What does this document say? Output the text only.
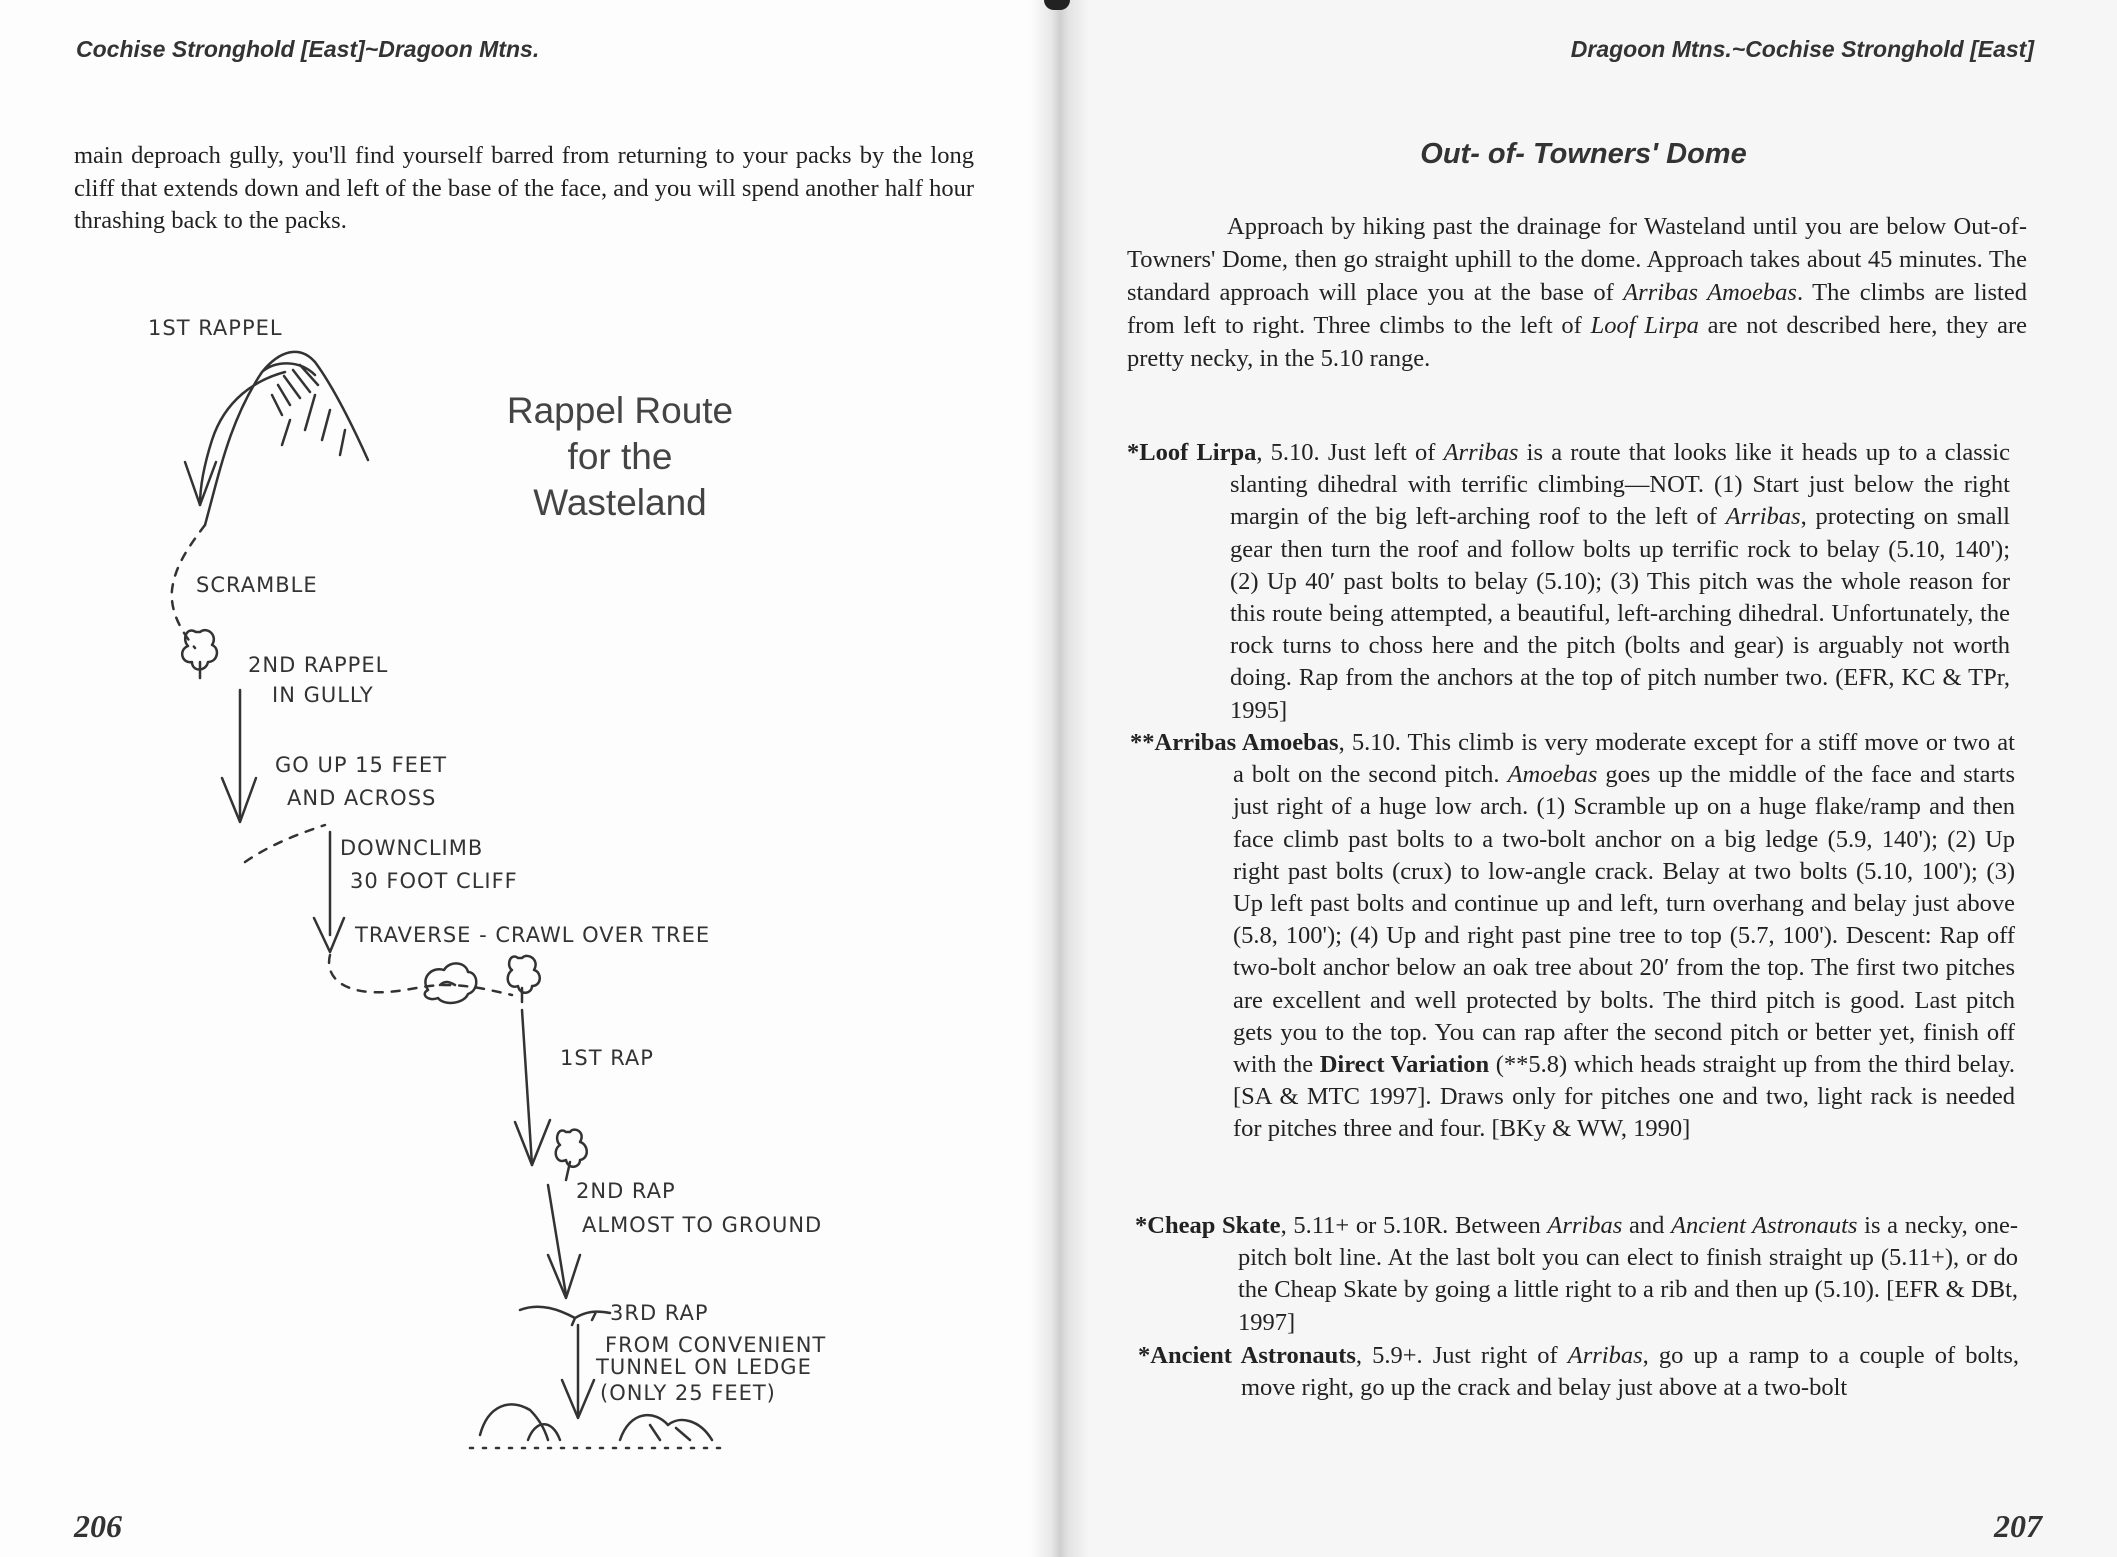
Cochise Stronghold [East]~Dragoon Mtns.

main deproach gully, you'll find yourself barred from returning to your packs by the long cliff that extends down and left of the base of the face, and you will spend another half hour thrashing back to the packs.

1ST RAPPEL
SCRAMBLE
2ND RAPPEL
IN GULLY
GO UP 15 FEET
AND ACROSS
DOWNCLIMB
30 FOOT CLIFF
TRAVERSE - CRAWL OVER TREE
1ST RAP
2ND RAP
ALMOST TO GROUND
3RD RAP
FROM CONVENIENT
TUNNEL ON LEDGE
(ONLY 25 FEET)
Rappel Route
for the
Wasteland
206
Dragoon Mtns.~Cochise Stronghold [East]
Out- of- Towners' Dome

Approach by hiking past the drainage for Wasteland until you are below Out-of-Towners' Dome, then go straight uphill to the dome. Approach takes about 45 minutes. The standard approach will place you at the base of Arribas Amoebas. The climbs are listed from left to right. Three climbs to the left of Loof Lirpa are not described here, they are pretty necky, in the 5.10 range.

*Loof Lirpa, 5.10. Just left of Arribas is a route that looks like it heads up to a classic slanting dihedral with terrific climbing—NOT. (1) Start just below the right margin of the big left-arching roof to the left of Arribas, protecting on small gear then turn the roof and follow bolts up terrific rock to belay (5.10, 140'); (2) Up 40′ past bolts to belay (5.10); (3) This pitch was the whole reason for this route being attempted, a beautiful, left-arching dihedral. Unfortunately, the rock turns to choss here and the pitch (bolts and gear) is arguably not worth doing. Rap from the anchors at the top of pitch number two. (EFR, KC & TPr, 1995]

**Arribas Amoebas, 5.10. This climb is very moderate except for a stiff move or two at a bolt on the second pitch. Amoebas goes up the middle of the face and starts just right of a huge low arch. (1) Scramble up on a huge flake/ramp and then face climb past bolts to a two-bolt anchor on a big ledge (5.9, 140'); (2) Up right past bolts (crux) to low-angle crack. Belay at two bolts (5.10, 100'); (3) Up left past bolts and continue up and left, turn overhang and belay just above (5.8, 100'); (4) Up and right past pine tree to top (5.7, 100'). Descent: Rap off two-bolt anchor below an oak tree about 20′ from the top. The first two pitches are excellent and well protected by bolts. The third pitch is good. Last pitch gets you to the top. You can rap after the second pitch or better yet, finish off with the Direct Variation (**5.8) which heads straight up from the third belay. [SA & MTC 1997]. Draws only for pitches one and two, light rack is needed for pitches three and four. [BKy & WW, 1990]

*Cheap Skate, 5.11+ or 5.10R. Between Arribas and Ancient Astronauts is a necky, one-pitch bolt line. At the last bolt you can elect to finish straight up (5.11+), or do the Cheap Skate by going a little right to a rib and then up (5.10). [EFR & DBt, 1997]

*Ancient Astronauts, 5.9+. Just right of Arribas, go up a ramp to a couple of bolts, move right, go up the crack and belay just above at a two-bolt

207
